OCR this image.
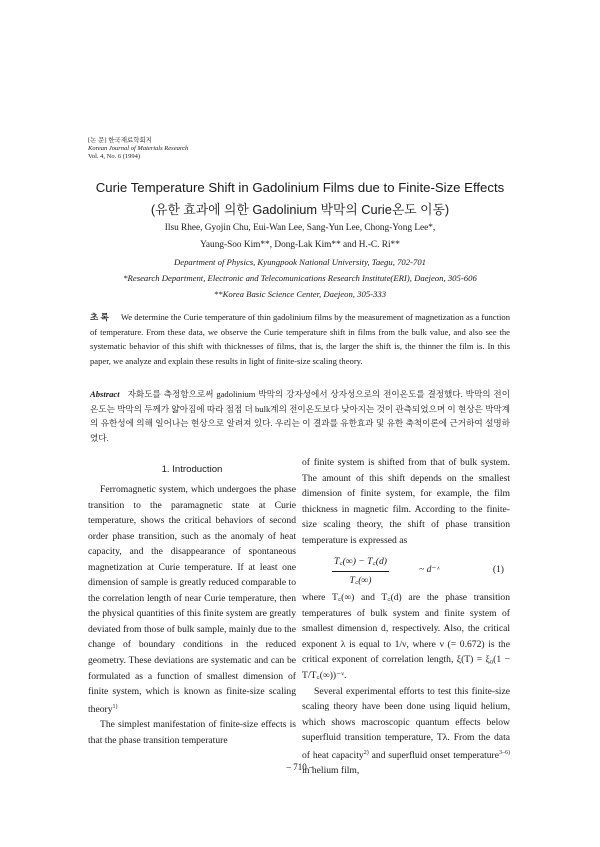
[논 문] 한국재료학회지
Korean Journal of Materials Research
Vol. 4, No. 6 (1994)
Curie Temperature Shift in Gadolinium Films due to Finite-Size Effects
(유한 효과에 의한 Gadolinium 박막의 Curie온도 이동)
Ilsu Rhee, Gyojin Chu, Eui-Wan Lee, Sang-Yun Lee, Chong-Yong Lee*,
Yaung-Soo Kim**, Dong-Lak Kim** and H.-C. Ri**
Department of Physics, Kyungpook National University, Taegu, 702-701
*Research Department, Electronic and Telecomunications Research Institute(ERI), Daejeon, 305-606
**Korea Basic Science Center, Daejeon, 305-333
초 록 We determine the Curie temperature of thin gadolinium films by the measurement of magnetization as a function of temperature. From these data, we observe the Curie temperature shift in films from the bulk value, and also see the systematic behavior of this shift with thicknesses of films, that is, the larger the shift is, the thinner the film is. In this paper, we analyze and explain these results in light of finite-size scaling theory.
Abstract 자화도를 측정함으로써 gadolinium 박막의 강자성에서 상자성으로의 전이온도를 결정했다. 박막의 전이온도는 박막의 두께가 얇아짐에 따라 점점 더 bulk계의 전이온도보다 낮아지는 것이 관측되었으며 이 현상은 박막계의 유한성에 의해 일어나는 현상으로 알려져 있다. 우리는 이 결과를 유한효과 및 유한 축척이론에 근거하여 설명하였다.
1. Introduction

Ferromagnetic system, which undergoes the phase transition to the paramagnetic state at Curie temperature, shows the critical behaviors of second order phase transition, such as the anomaly of heat capacity, and the disappearance of spontaneous magnetization at Curie temperature. If at least one dimension of sample is greatly reduced comparable to the correlation length of near Curie temperature, then the physical quantities of this finite system are greatly deviated from those of bulk sample, mainly due to the change of boundary conditions in the reduced geometry. These deviations are systematic and can be formulated as a function of smallest dimension of finite system, which is known as finite-size scaling theory$^{1)}$

The simplest manifestation of finite-size effects is that the phase transition temperature

of finite system is shifted from that of bulk system. The amount of this shift depends on the smallest dimension of finite system, for example, the film thickness in magnetic film. According to the finite-size scaling theory, the shift of phase transition temperature is expressed as

T꜀(∞) − T꜀(d)
T꜀(∞)
~ d⁻ᶺ	(1)

where T꜀(∞) and T꜀(d) are the phase transition temperatures of bulk system and finite system of smallest dimension d, respectively. Also, the critical exponent λ is equal to 1/ν, where ν (= 0.672) is the critical exponent of correlation length, ξ(T) = ξ₀(1 − T/T꜀(∞))⁻ᵛ.

Several experimental efforts to test this finite-size scaling theory have been done using liquid helium, which shows macroscopic quantum effects below superfluid transition temperature, Tλ. From the data of heat capacity$^{2)}$ and superfluid onset temperature$^{3-6)}$ in helium film,

– 710 –
